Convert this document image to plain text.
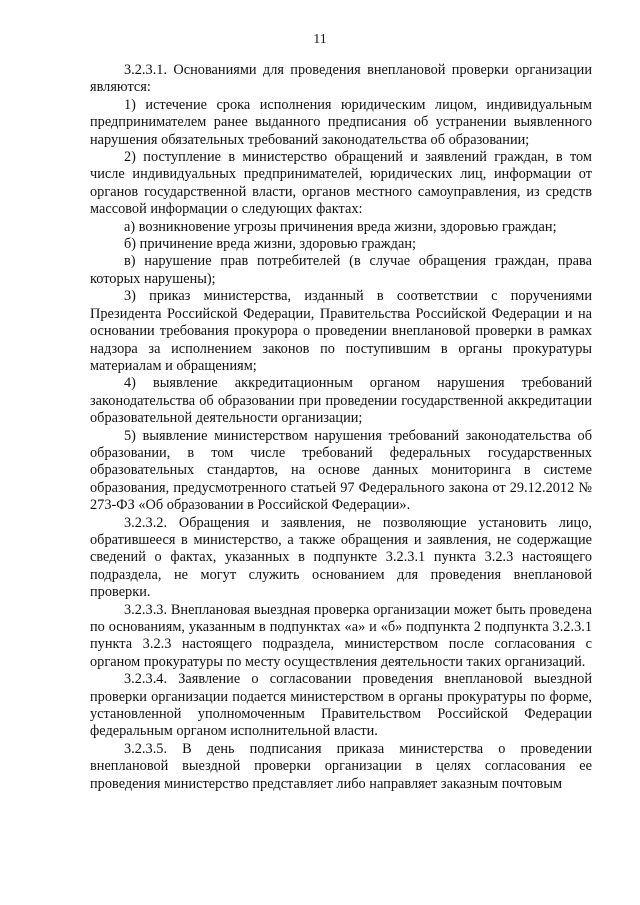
11

3.2.3.1. Основаниями для проведения внеплановой проверки организации являются:

1) истечение срока исполнения юридическим лицом, индивидуальным предпринимателем ранее выданного предписания об устранении выявленного нарушения обязательных требований законодательства об образовании;

2) поступление в министерство обращений и заявлений граждан, в том числе индивидуальных предпринимателей, юридических лиц, информации от органов государственной власти, органов местного самоуправления, из средств массовой информации о следующих фактах:

а) возникновение угрозы причинения вреда жизни, здоровью граждан;

б) причинение вреда жизни, здоровью граждан;

в) нарушение прав потребителей (в случае обращения граждан, права которых нарушены);

3) приказ министерства, изданный в соответствии с поручениями Президента Российской Федерации, Правительства Российской Федерации и на основании требования прокурора о проведении внеплановой проверки в рамках надзора за исполнением законов по поступившим в органы прокуратуры материалам и обращениям;

4) выявление аккредитационным органом нарушения требований законодательства об образовании при проведении государственной аккредитации образовательной деятельности организации;

5) выявление министерством нарушения требований законодательства об образовании, в том числе требований федеральных государственных образовательных стандартов, на основе данных мониторинга в системе образования, предусмотренного статьей 97 Федерального закона от 29.12.2012 № 273-ФЗ «Об образовании в Российской Федерации».

3.2.3.2. Обращения и заявления, не позволяющие установить лицо, обратившееся в министерство, а также обращения и заявления, не содержащие сведений о фактах, указанных в подпункте 3.2.3.1 пункта 3.2.3 настоящего подраздела, не могут служить основанием для проведения внеплановой проверки.

3.2.3.3. Внеплановая выездная проверка организации может быть проведена по основаниям, указанным в подпунктах «а» и «б» подпункта 2 подпункта 3.2.3.1 пункта 3.2.3 настоящего подраздела, министерством после согласования с органом прокуратуры по месту осуществления деятельности таких организаций.

3.2.3.4. Заявление о согласовании проведения внеплановой выездной проверки организации подается министерством в органы прокуратуры по форме, установленной уполномоченным Правительством Российской Федерации федеральным органом исполнительной власти.

3.2.3.5. В день подписания приказа министерства о проведении внеплановой выездной проверки организации в целях согласования ее проведения министерство представляет либо направляет заказным почтовым
